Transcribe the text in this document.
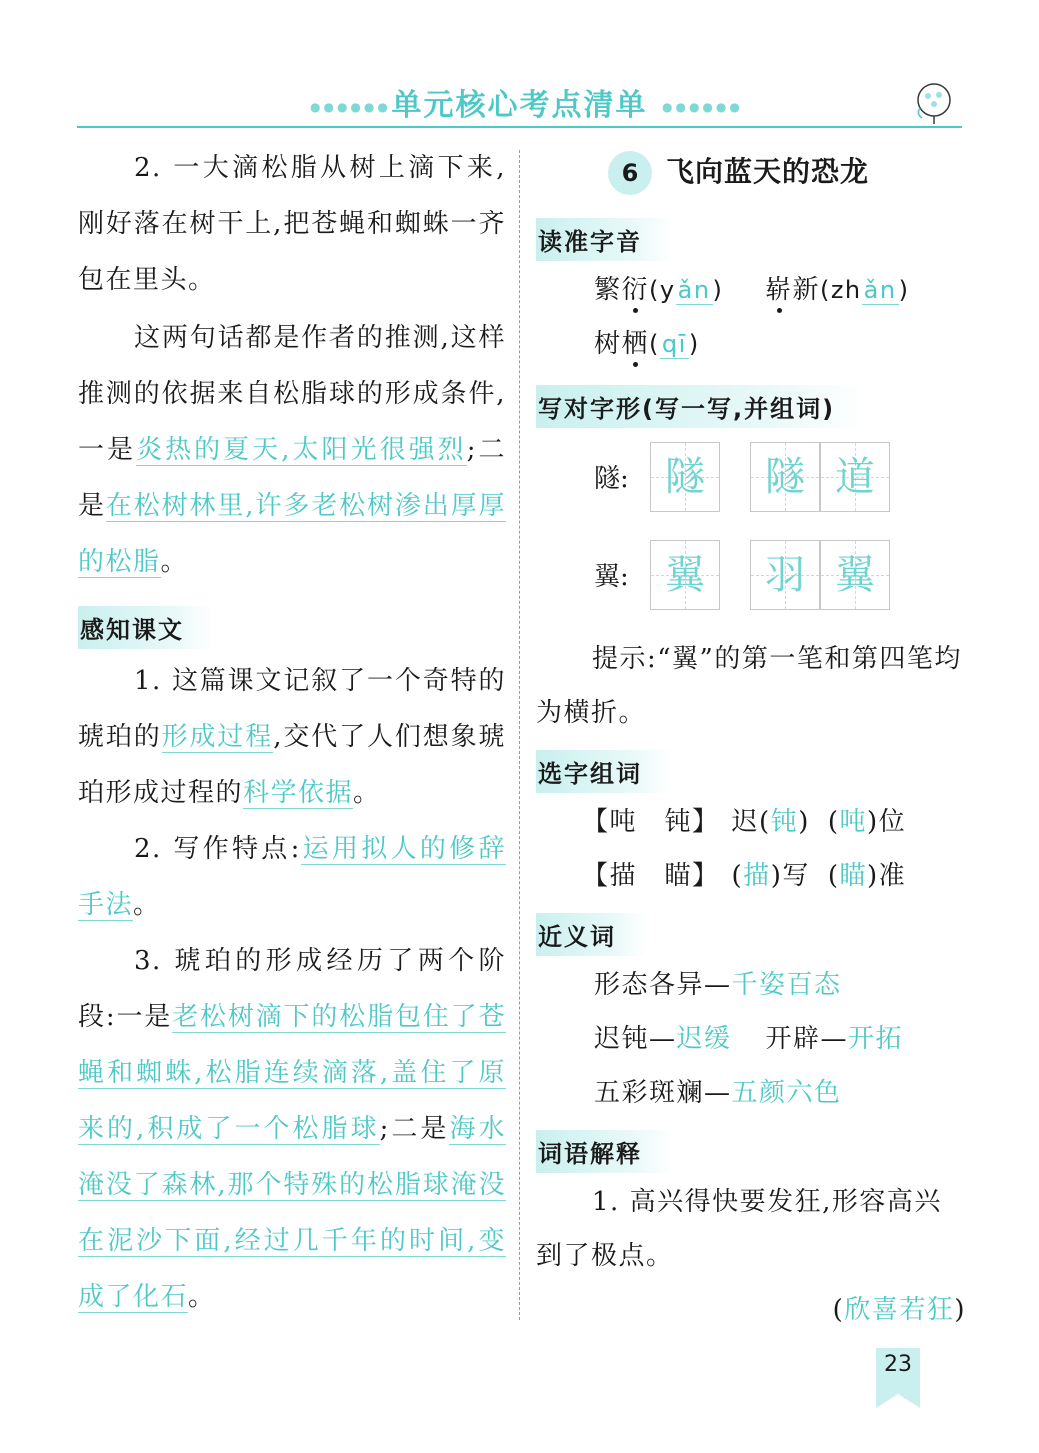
●●●●●● 单元核心考点清单	●●●●●●

2. 一大滴松脂从树上滴下来,刚好落在树干上,把苍蝇和蜘蛛一齐包在里头。

这两句话都是作者的推测,这样推测的依据来自松脂球的形成条件,一是炎热的夏天,太阳光很强烈;二是在松树林里,许多老松树渗出厚厚的松脂。

感知课文

1. 这篇课文记叙了一个奇特的琥珀的形成过程,交代了人们想象琥珀形成过程的科学依据。

2. 写作特点:运用拟人的修辞手法。

3. 琥珀的形成经历了两个阶段:一是老松树滴下的松脂包住了苍蝇和蜘蛛,松脂连续滴落,盖住了原来的,积成了一个松脂球;二是海水淹没了森林,那个特殊的松脂球淹没在泥沙下面,经过几千年的时间,变成了化石。

6 飞向蓝天的恐龙
读准字音

繁衍(yǎn) 崭新(zhǎn)

树栖(qī)

写对字形(写一写,并组词)
隧: 隧	隧 道
翼: 翼	羽 翼

提示:“翼”的第一笔和第四笔均为横折。

选字组词

【吨　钝】 迟(钝) (吨)位

【描　瞄】 (描)写 (瞄)准

近义词

形态各异—千姿百态

迟钝—迟缓 开辟—开拓

五彩斑斓—五颜六色

词语解释

1. 高兴得快要发狂,形容高兴到了极点。

(欣喜若狂)

23
